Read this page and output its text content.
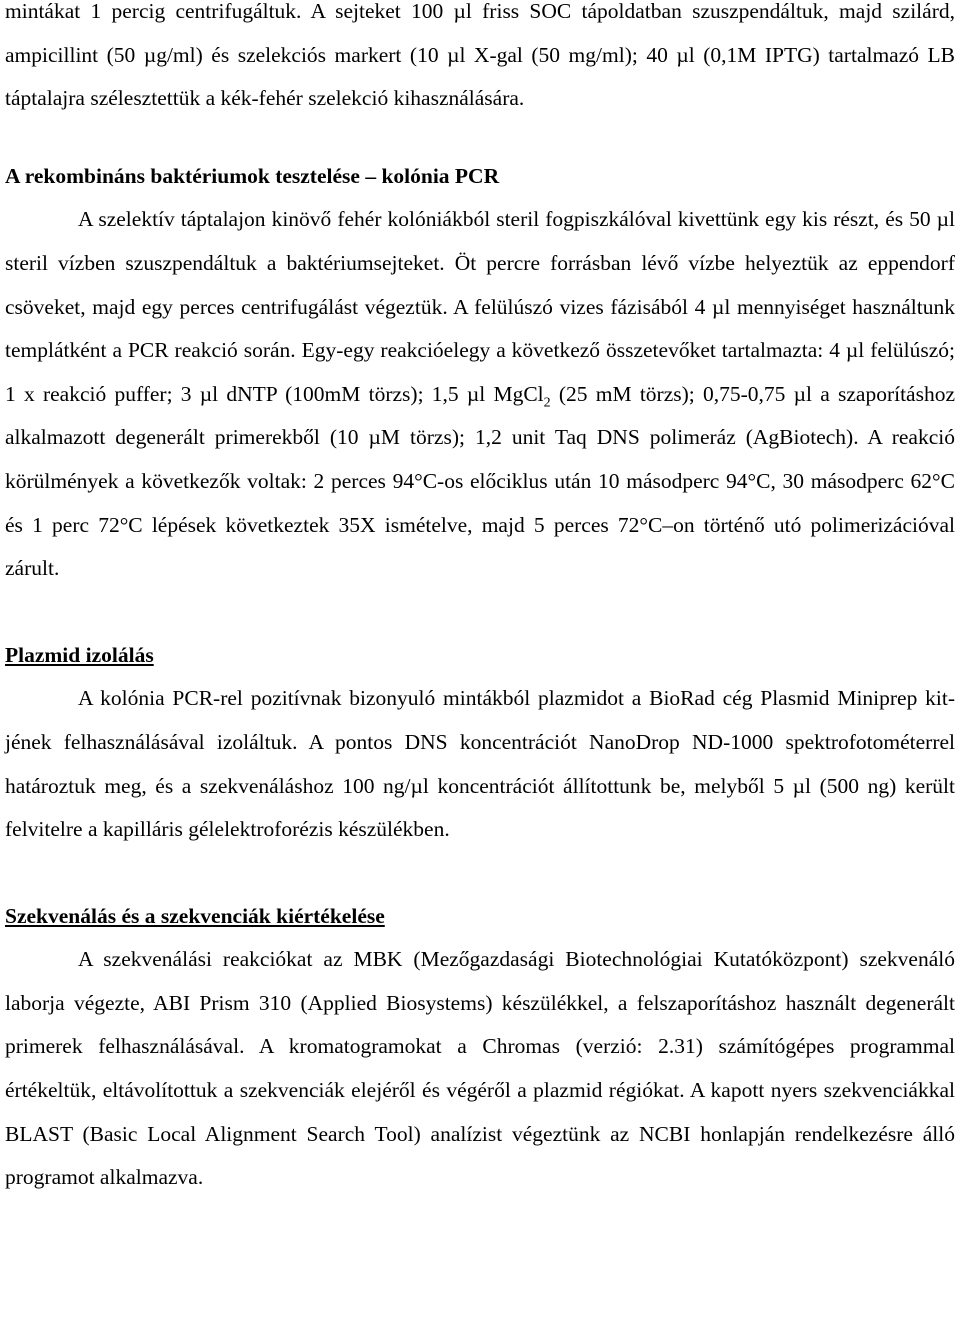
mintákat 1 percig centrifugáltuk. A sejteket 100 µl friss SOC tápoldatban szuszpendáltuk, majd szilárd, ampicillint (50 µg/ml) és szelekciós markert (10 µl X-gal (50 mg/ml); 40 µl (0,1M IPTG) tartalmazó LB táptalajra szélesztettük a kék-fehér szelekció kihasználására.

A rekombináns baktériumok tesztelése – kolónia PCR

A szelektív táptalajon kinövő fehér kolóniákból steril fogpiszkálóval kivettünk egy kis részt, és 50 µl steril vízben szuszpendáltuk a baktériumsejteket. Öt percre forrásban lévő vízbe helyeztük az eppendorf csöveket, majd egy perces centrifugálást végeztük. A felülúszó vizes fázisából 4 µl mennyiséget használtunk templátként a PCR reakció során. Egy-egy reakcióelegy a következő összetevőket tartalmazta: 4 µl felülúszó; 1 x reakció puffer; 3 µl dNTP (100mM törzs); 1,5 µl MgCl$_2$ (25 mM törzs); 0,75-0,75 µl a szaporításhoz alkalmazott degenerált primerekből (10 µM törzs); 1,2 unit Taq DNS polimeráz (AgBiotech). A reakció körülmények a következők voltak: 2 perces 94°C-os előciklus után 10 másodperc 94°C, 30 másodperc 62°C és 1 perc 72°C lépések következtek 35X ismételve, majd 5 perces 72°C–on történő utó polimerizációval zárult.

Plazmid izolálás

A kolónia PCR-rel pozitívnak bizonyuló mintákból plazmidot a BioRad cég Plasmid Miniprep kit-jének felhasználásával izoláltuk. A pontos DNS koncentrációt NanoDrop ND-1000 spektrofotométerrel határoztuk meg, és a szekvenáláshoz 100 ng/µl koncentrációt állítottunk be, melyből 5 µl (500 ng) került felvitelre a kapilláris gélelektroforézis készülékben.

Szekvenálás és a szekvenciák kiértékelése

A szekvenálási reakciókat az MBK (Mezőgazdasági Biotechnológiai Kutatóközpont) szekvenáló laborja végezte, ABI Prism 310 (Applied Biosystems) készülékkel, a felszaporításhoz használt degenerált primerek felhasználásával. A kromatogramokat a Chromas (verzió: 2.31) számítógépes programmal értékeltük, eltávolítottuk a szekvenciák elejéről és végéről a plazmid régiókat. A kapott nyers szekvenciákkal BLAST (Basic Local Alignment Search Tool) analízist végeztünk az NCBI honlapján rendelkezésre álló programot alkalmazva.
